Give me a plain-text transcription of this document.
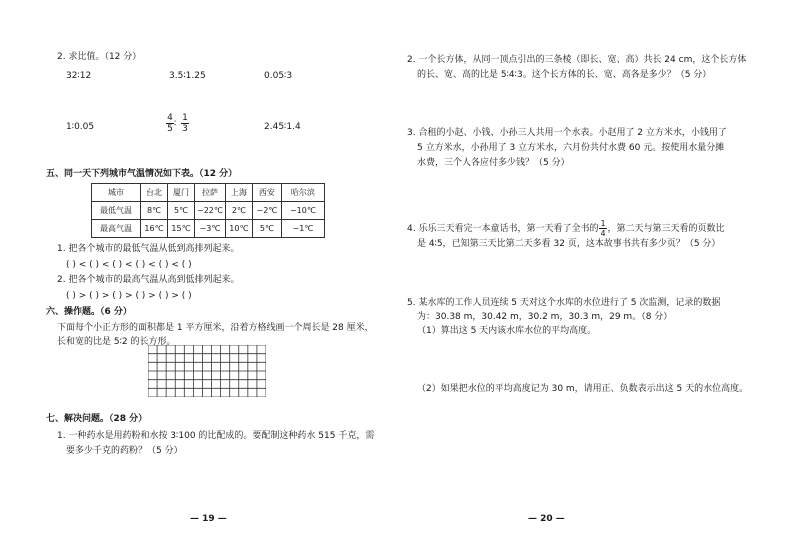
2. 求比值。（12 分）
32∶12	3.5∶1.25	0.05∶3
1∶0.05	$\frac{4}{5}$ ∶ $\frac{1}{3}$	2.45∶1.4
五、同一天下列城市气温情况如下表。（12 分）
城市	台北	厦门	拉萨	上海	西安	哈尔滨
最低气温	8℃	5℃	−22℃	2℃	−2℃	−10℃
最高气温	16℃	15℃	−3℃	10℃	5℃	−1℃
1. 把各个城市的最低气温从低到高排列起来。
( ) < ( ) < ( ) < ( ) < ( ) < ( )
2. 把各个城市的最高气温从高到低排列起来。
( ) > ( ) > ( ) > ( ) > ( ) > ( )
六、操作题。（6 分）
下面每个小正方形的面积都是 1 平方厘米，沿着方格线画一个周长是 28 厘米，
长和宽的比是 5∶2 的长方形。
七、解决问题。（28 分）
1. 一种药水是用药粉和水按 3∶100 的比配成的。要配制这种药水 515 千克，需
要多少千克的药粉？（5 分）
— 19 —
2. 一个长方体，从同一顶点引出的三条棱（即长、宽、高）共长 24 cm，这个长方体
的长、宽、高的比是 5∶4∶3。这个长方体的长、宽、高各是多少？（5 分）
3. 合租的小赵、小钱、小孙三人共用一个水表。小赵用了 2 立方米水，小钱用了
5 立方米水，小孙用了 3 立方米水，六月份共付水费 60 元。按使用水量分摊
水费，三个人各应付多少钱？（5 分）
4. 乐乐三天看完一本童话书，第一天看了全书的 $\frac{1}{4}$ ，第二天与第三天看的页数比
是 4∶5，已知第三天比第二天多看 32 页，这本故事书共有多少页？（5 分）
5. 某水库的工作人员连续 5 天对这个水库的水位进行了 5 次监测，记录的数据
为：30.38 m，30.42 m，30.2 m，30.3 m，29 m。（8 分）
（1）算出这 5 天内该水库水位的平均高度。
（2）如果把水位的平均高度记为 30 m，请用正、负数表示出这 5 天的水位高度。
— 20 —
